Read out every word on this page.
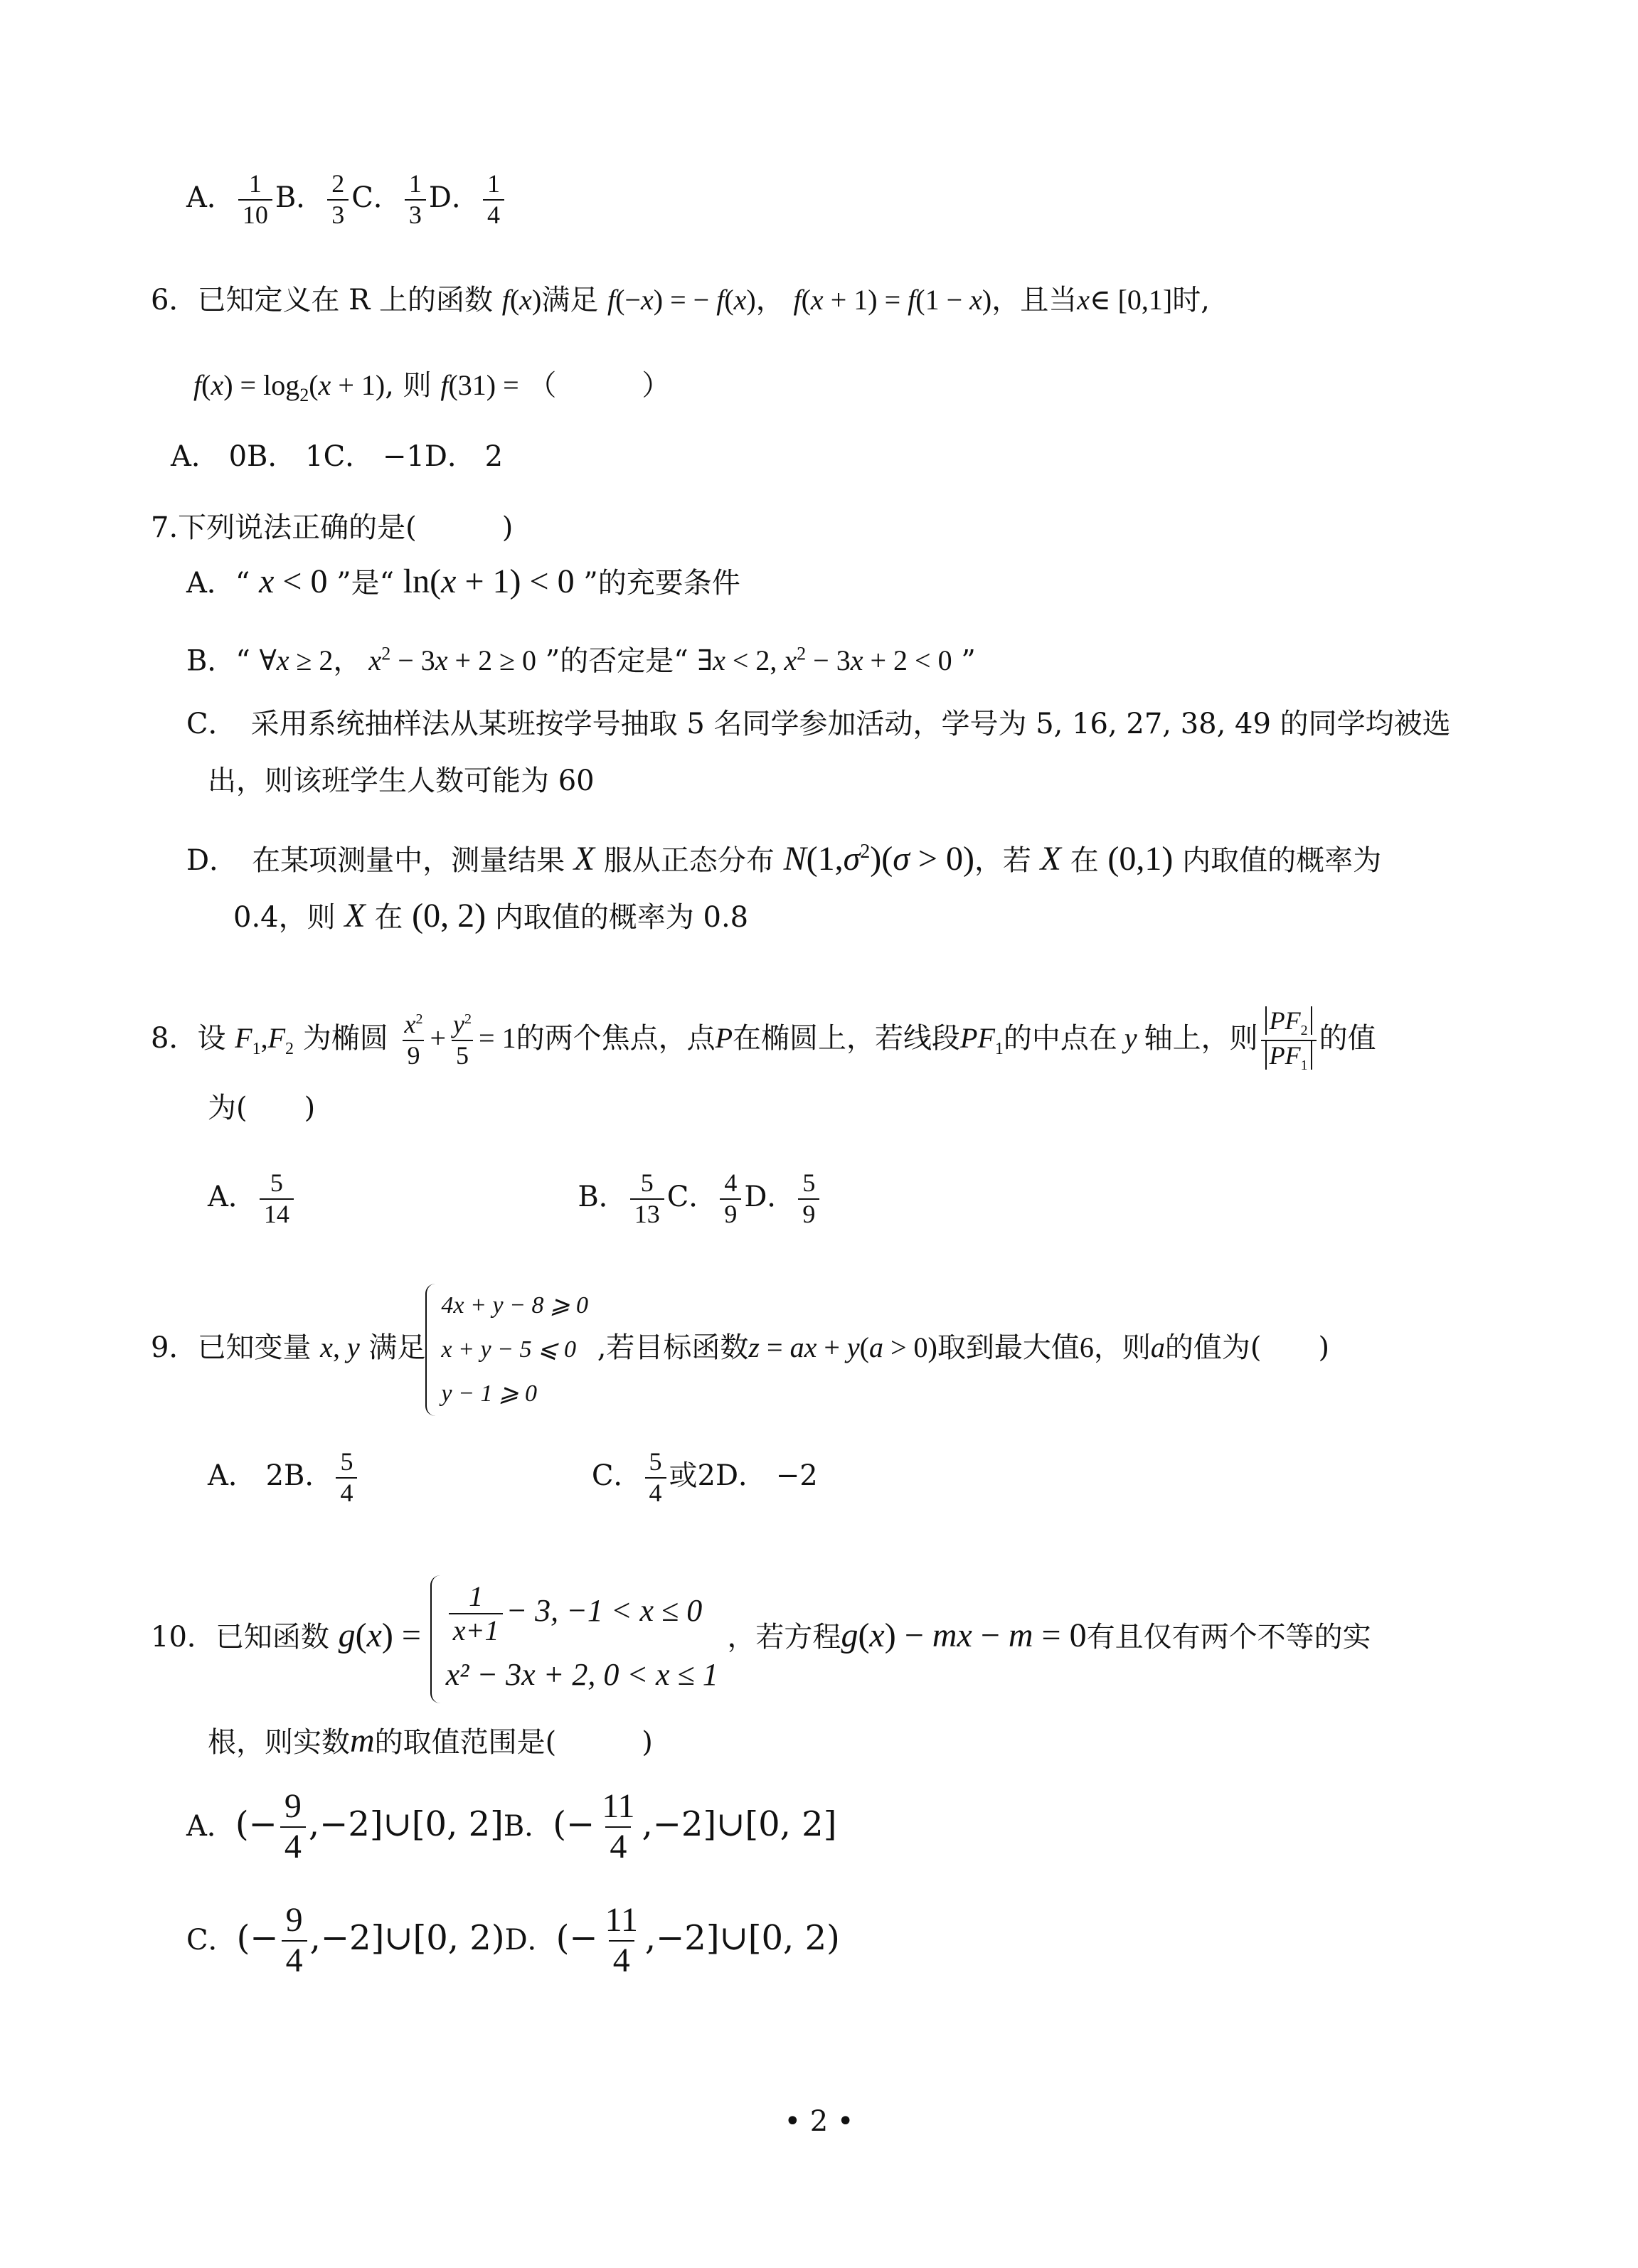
A． $\frac{1}{10}$ B． $\frac{2}{3}$ C． $\frac{1}{3}$ D． $\frac{1}{4}$
6．已知定义在 R 上的函数 f(x)满足 f(−x) = − f(x)， f(x + 1) = f(1 − x)，且当x∈ [0,1]时,
$f(x) = \log_2(x + 1)$, 则 f(31) = （　　　）
A． 0B． 1C． −1D． 2
7.下列说法正确的是(　　　)
A．“ x < 0 ”是“ ln(x + 1) < 0 ”的充要条件
B．“ ∀x ≥ 2， $x^2 - 3x + 2 \ge 0$ ”的否定是“ ∃x < 2, $x^2 - 3x + 2 < 0$ ”
C．　采用系统抽样法从某班按学号抽取 5 名同学参加活动，学号为 5, 16, 27, 38, 49 的同学均被选
出，则该班学生人数可能为 60
D．　在某项测量中，测量结果 X 服从正态分布 $N(1,\sigma^2)(\sigma > 0)$，若 X 在 (0,1) 内取值的概率为
0.4，则 X 在 (0, 2) 内取值的概率为 0.8
8．设 $F_1,F_2$ 为椭圆 $\frac{x^2}{9} + \frac{y^2}{5} = 1$的两个焦点，点P在椭圆上，若线段$PF_1$的中点在 y 轴上，则 $\frac{PF_2}{PF_1}$ 的值
为(　　)
A． $\frac{5}{14}$	B． $\frac{5}{13}$ C． $\frac{4}{9}$ D． $\frac{5}{9}$
9．已知变量 x, y 满足
4x + y − 8 ⩾ 0
x + y − 5 ⩽ 0
y − 1 ⩾ 0
,若目标函数z = ax + y(a > 0)取到最大值6，则a的值为(　　)
A． 2B． $\frac{5}{4}$	C． $\frac{5}{4}$ 或2D． −2
10．已知函数 $g(x) = \frac{1}{x+1} - 3$, −1 < x ≤ 0
x² − 3x + 2, 0 < x ≤ 1
，若方程g(x) − mx − m = 0有且仅有两个不等的实
根，则实数m的取值范围是(　　　)
A．(− $\frac{9}{4}$ ,−2]∪[0, 2]B．(− $\frac{11}{4}$ ,−2]∪[0, 2]
C．(− $\frac{9}{4}$ ,−2]∪[0, 2)D．(− $\frac{11}{4}$ ,−2]∪[0, 2)
• 2 •
